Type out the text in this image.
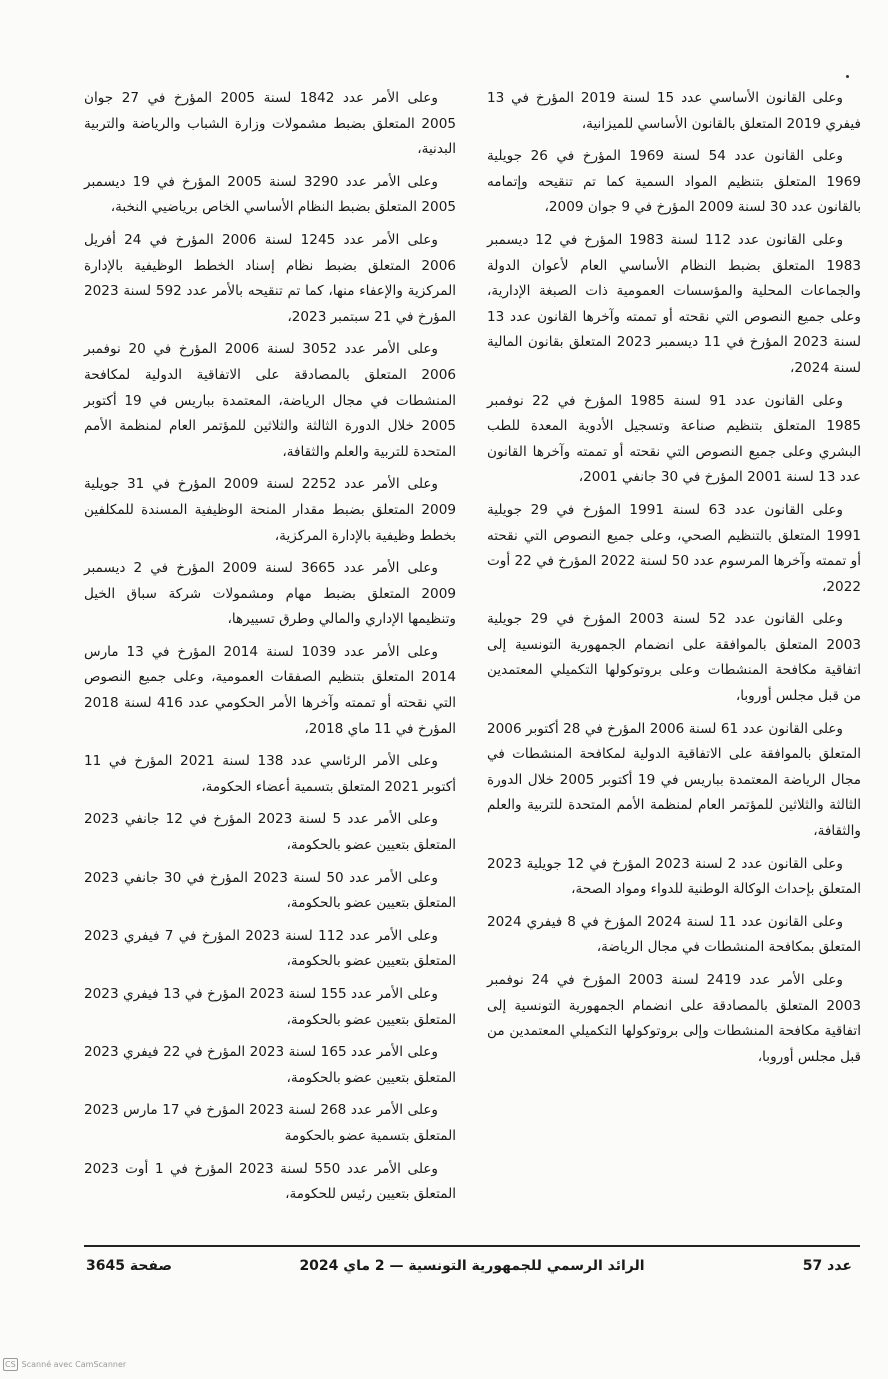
وعلى القانون الأساسي عدد 15 لسنة 2019 المؤرخ في 13 فيفري 2019 المتعلق بالقانون الأساسي للميزانية،

وعلى القانون عدد 54 لسنة 1969 المؤرخ في 26 جويلية 1969 المتعلق بتنظيم المواد السمية كما تم تنقيحه وإتمامه بالقانون عدد 30 لسنة 2009 المؤرخ في 9 جوان 2009،

وعلى القانون عدد 112 لسنة 1983 المؤرخ في 12 ديسمبر 1983 المتعلق بضبط النظام الأساسي العام لأعوان الدولة والجماعات المحلية والمؤسسات العمومية ذات الصبغة الإدارية، وعلى جميع النصوص التي نقحته أو تممته وآخرها القانون عدد 13 لسنة 2023 المؤرخ في 11 ديسمبر 2023 المتعلق بقانون المالية لسنة 2024،

وعلى القانون عدد 91 لسنة 1985 المؤرخ في 22 نوفمبر 1985 المتعلق بتنظيم صناعة وتسجيل الأدوية المعدة للطب البشري وعلى جميع النصوص التي نقحته أو تممته وآخرها القانون عدد 13 لسنة 2001 المؤرخ في 30 جانفي 2001،

وعلى القانون عدد 63 لسنة 1991 المؤرخ في 29 جويلية 1991 المتعلق بالتنظيم الصحي، وعلى جميع النصوص التي نقحته أو تممته وآخرها المرسوم عدد 50 لسنة 2022 المؤرخ في 22 أوت 2022،

وعلى القانون عدد 52 لسنة 2003 المؤرخ في 29 جويلية 2003 المتعلق بالموافقة على انضمام الجمهورية التونسية إلى اتفاقية مكافحة المنشطات وعلى بروتوكولها التكميلي المعتمدين من قبل مجلس أوروبا،

وعلى القانون عدد 61 لسنة 2006 المؤرخ في 28 أكتوبر 2006 المتعلق بالموافقة على الاتفاقية الدولية لمكافحة المنشطات في مجال الرياضة المعتمدة بباريس في 19 أكتوبر 2005 خلال الدورة الثالثة والثلاثين للمؤتمر العام لمنظمة الأمم المتحدة للتربية والعلم والثقافة،

وعلى القانون عدد 2 لسنة 2023 المؤرخ في 12 جويلية 2023 المتعلق بإحداث الوكالة الوطنية للدواء ومواد الصحة،

وعلى القانون عدد 11 لسنة 2024 المؤرخ في 8 فيفري 2024 المتعلق بمكافحة المنشطات في مجال الرياضة،

وعلى الأمر عدد 2419 لسنة 2003 المؤرخ في 24 نوفمبر 2003 المتعلق بالمصادقة على انضمام الجمهورية التونسية إلى اتفاقية مكافحة المنشطات وإلى بروتوكولها التكميلي المعتمدين من قبل مجلس أوروبا،

وعلى الأمر عدد 1842 لسنة 2005 المؤرخ في 27 جوان 2005 المتعلق بضبط مشمولات وزارة الشباب والرياضة والتربية البدنية،

وعلى الأمر عدد 3290 لسنة 2005 المؤرخ في 19 ديسمبر 2005 المتعلق بضبط النظام الأساسي الخاص برياضيي النخبة،

وعلى الأمر عدد 1245 لسنة 2006 المؤرخ في 24 أفريل 2006 المتعلق بضبط نظام إسناد الخطط الوظيفية بالإدارة المركزية والإعفاء منها، كما تم تنقيحه بالأمر عدد 592 لسنة 2023 المؤرخ في 21 سبتمبر 2023،

وعلى الأمر عدد 3052 لسنة 2006 المؤرخ في 20 نوفمبر 2006 المتعلق بالمصادقة على الاتفاقية الدولية لمكافحة المنشطات في مجال الرياضة، المعتمدة بباريس في 19 أكتوبر 2005 خلال الدورة الثالثة والثلاثين للمؤتمر العام لمنظمة الأمم المتحدة للتربية والعلم والثقافة،

وعلى الأمر عدد 2252 لسنة 2009 المؤرخ في 31 جويلية 2009 المتعلق بضبط مقدار المنحة الوظيفية المسندة للمكلفين بخطط وظيفية بالإدارة المركزية،

وعلى الأمر عدد 3665 لسنة 2009 المؤرخ في 2 ديسمبر 2009 المتعلق بضبط مهام ومشمولات شركة سباق الخيل وتنظيمها الإداري والمالي وطرق تسييرها،

وعلى الأمر عدد 1039 لسنة 2014 المؤرخ في 13 مارس 2014 المتعلق بتنظيم الصفقات العمومية، وعلى جميع النصوص التي نقحته أو تممته وآخرها الأمر الحكومي عدد 416 لسنة 2018 المؤرخ في 11 ماي 2018،

وعلى الأمر الرئاسي عدد 138 لسنة 2021 المؤرخ في 11 أكتوبر 2021 المتعلق بتسمية أعضاء الحكومة،

وعلى الأمر عدد 5 لسنة 2023 المؤرخ في 12 جانفي 2023 المتعلق بتعيين عضو بالحكومة،

وعلى الأمر عدد 50 لسنة 2023 المؤرخ في 30 جانفي 2023 المتعلق بتعيين عضو بالحكومة،

وعلى الأمر عدد 112 لسنة 2023 المؤرخ في 7 فيفري 2023 المتعلق بتعيين عضو بالحكومة،

وعلى الأمر عدد 155 لسنة 2023 المؤرخ في 13 فيفري 2023 المتعلق بتعيين عضو بالحكومة،

وعلى الأمر عدد 165 لسنة 2023 المؤرخ في 22 فيفري 2023 المتعلق بتعيين عضو بالحكومة،

وعلى الأمر عدد 268 لسنة 2023 المؤرخ في 17 مارس 2023 المتعلق بتسمية عضو بالحكومة

وعلى الأمر عدد 550 لسنة 2023 المؤرخ في 1 أوت 2023 المتعلق بتعيين رئيس للحكومة،

عدد 57
الرائد الرسمي للجمهورية التونسية — 2 ماي 2024
صفحة 3645
CS Scanné avec CamScanner
